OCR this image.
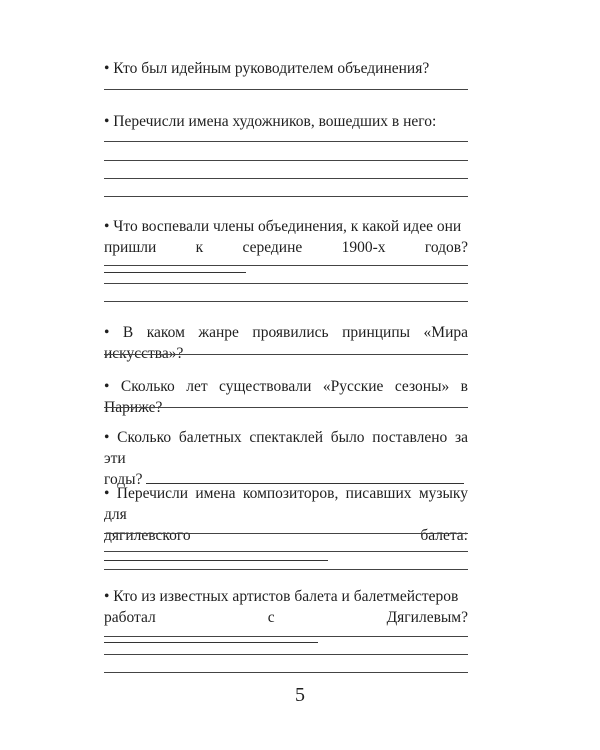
• Кто был идейным руководителем объединения?
• Перечисли имена художников, вошедших в него:
• Что воспевали члены объединения, к какой идее они
пришли к середине 1900-х годов?
• В каком жанре проявились принципы «Мира искусства»?
• Сколько лет существовали «Русские сезоны» в Париже?
• Сколько балетных спектаклей было поставлено за эти
годы?
• Перечисли имена композиторов, писавших музыку для
дягилевского балета:
• Кто из известных артистов балета и балетмейстеров
работал с Дягилевым?
5
